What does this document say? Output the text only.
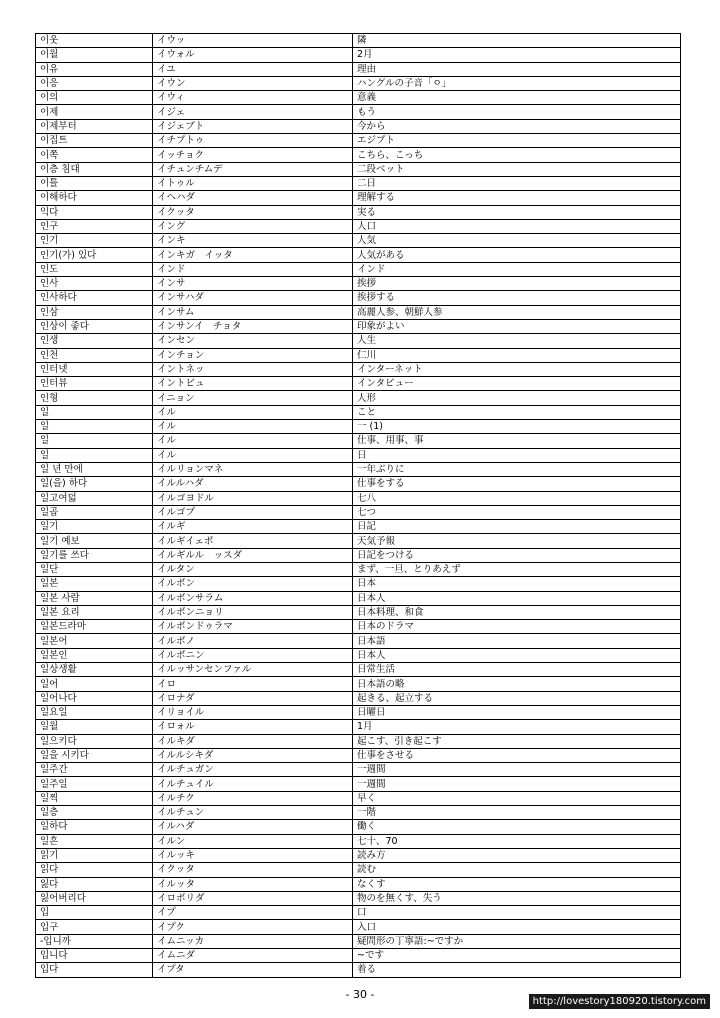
이웃	イウッ	隣
이월	イウォル	2月
이유	イユ	理由
이응	イウン	ハングルの子音「ㅇ」
이의	イウィ	意義
이제	イジェ	もう
이제부터	イジェブト	今から
이집트	イチプトゥ	エジプト
이쪽	イッチョク	こちら、こっち
이층 침대	イチュンチムデ	二段ベット
이틀	イトゥル	二日
이해하다	イヘハダ	理解する
익다	イクッタ	実る
인구	イング	人口
인기	インキ	人気
인기(가) 있다	インキガ　イッタ	人気がある
인도	インド	インド
인사	インサ	挨拶
인사하다	インサハダ	挨拶する
인삼	インサム	高麗人参、朝鮮人参
인상이 좋다	インサンイ　チョタ	印象がよい
인생	インセン	人生
인천	インチョン	仁川
인터넷	イントネッ	インターネット
인터뷰	イントビュ	インタビュー
인형	イニョン	人形
일	イル	こと
일	イル	一 (1)
일	イル	仕事、用事、事
일	イル	日
일 년 만에	イルリョンマネ	一年ぶりに
일(을) 하다	イルルハダ	仕事をする
일고여덟	イルゴヨドル	七八
일곱	イルゴプ	七つ
일기	イルギ	日記
일기 예보	イルギイェボ	天気予報
일기를 쓰다	イルギルル　ッスダ	日記をつける
일단	イルタン	まず、一旦、とりあえず
일본	イルボン	日本
일본 사람	イルボンサラム	日本人
일본 요리	イルボンニョリ	日本料理、和食
일본드라마	イルボンドゥラマ	日本のドラマ
일본어	イルボノ	日本語
일본인	イルボニン	日本人
일상생활	イルッサンセンファル	日常生活
일어	イロ	日本語の略
일어나다	イロナダ	起きる、起立する
일요일	イリョイル	日曜日
일월	イロォル	1月
일으키다	イルキダ	起こす、引き起こす
일을 시키다	イルルシキダ	仕事をさせる
일주간	イルチュガン	一週間
일주일	イルチュイル	一週間
일찍	イルチク	早く
일층	イルチュン	一階
일하다	イルハダ	働く
일흔	イルン	七十、70
읽기	イルッキ	読み方
읽다	イクッタ	読む
잃다	イルッタ	なくす
잃어버리다	イロボリダ	物のを無くす、失う
입	イプ	口
입구	イプク	入口
-입니까	イムニッカ	疑問形の丁寧語:~ですか
입니다	イムニダ	~です
입다	イプタ	着る
- 30 -
http://lovestory180920.tistory.com
